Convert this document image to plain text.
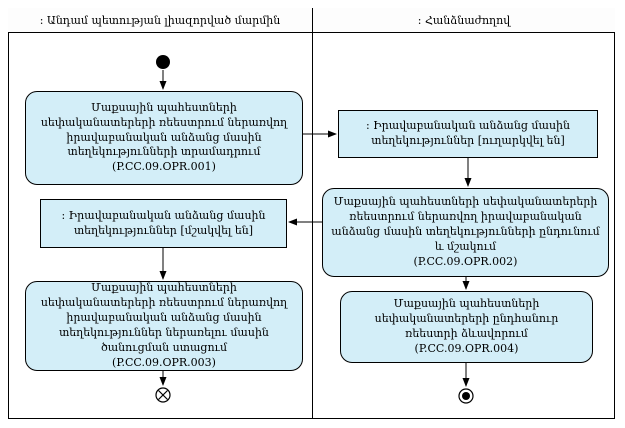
: Անդամ պետության լիազորված մարմին	: Հանձնաժողով
Մաքսային պահեստների սեփականատերերի ռեեստրում ներառվող իրավաբանական անձանց մասին տեղեկությունների տրամադրում
(P.CC.09.OPR.001)
: Իրավաբանական անձանց մասին տեղեկություններ [ուղարկվել են]
Մաքսային պահեստների սեփականատերերի ռեեստրում ներառվող իրավաբանական անձանց մասին տեղեկությունների ընդունում և մշակում
(P.CC.09.OPR.002)
: Իրավաբանական անձանց մասին տեղեկություններ [մշակվել են]
Մաքսային պահեստների սեփականատերերի ռեեստրում ներառվող իրավաբանական անձանց մասին տեղեկություններ ներառելու մասին ծանուցման ստացում
(P.CC.09.OPR.003)
Մաքսային պահեստների սեփականատերերի ընդհանուր ռեեստրի ձևավորում
(P.CC.09.OPR.004)
